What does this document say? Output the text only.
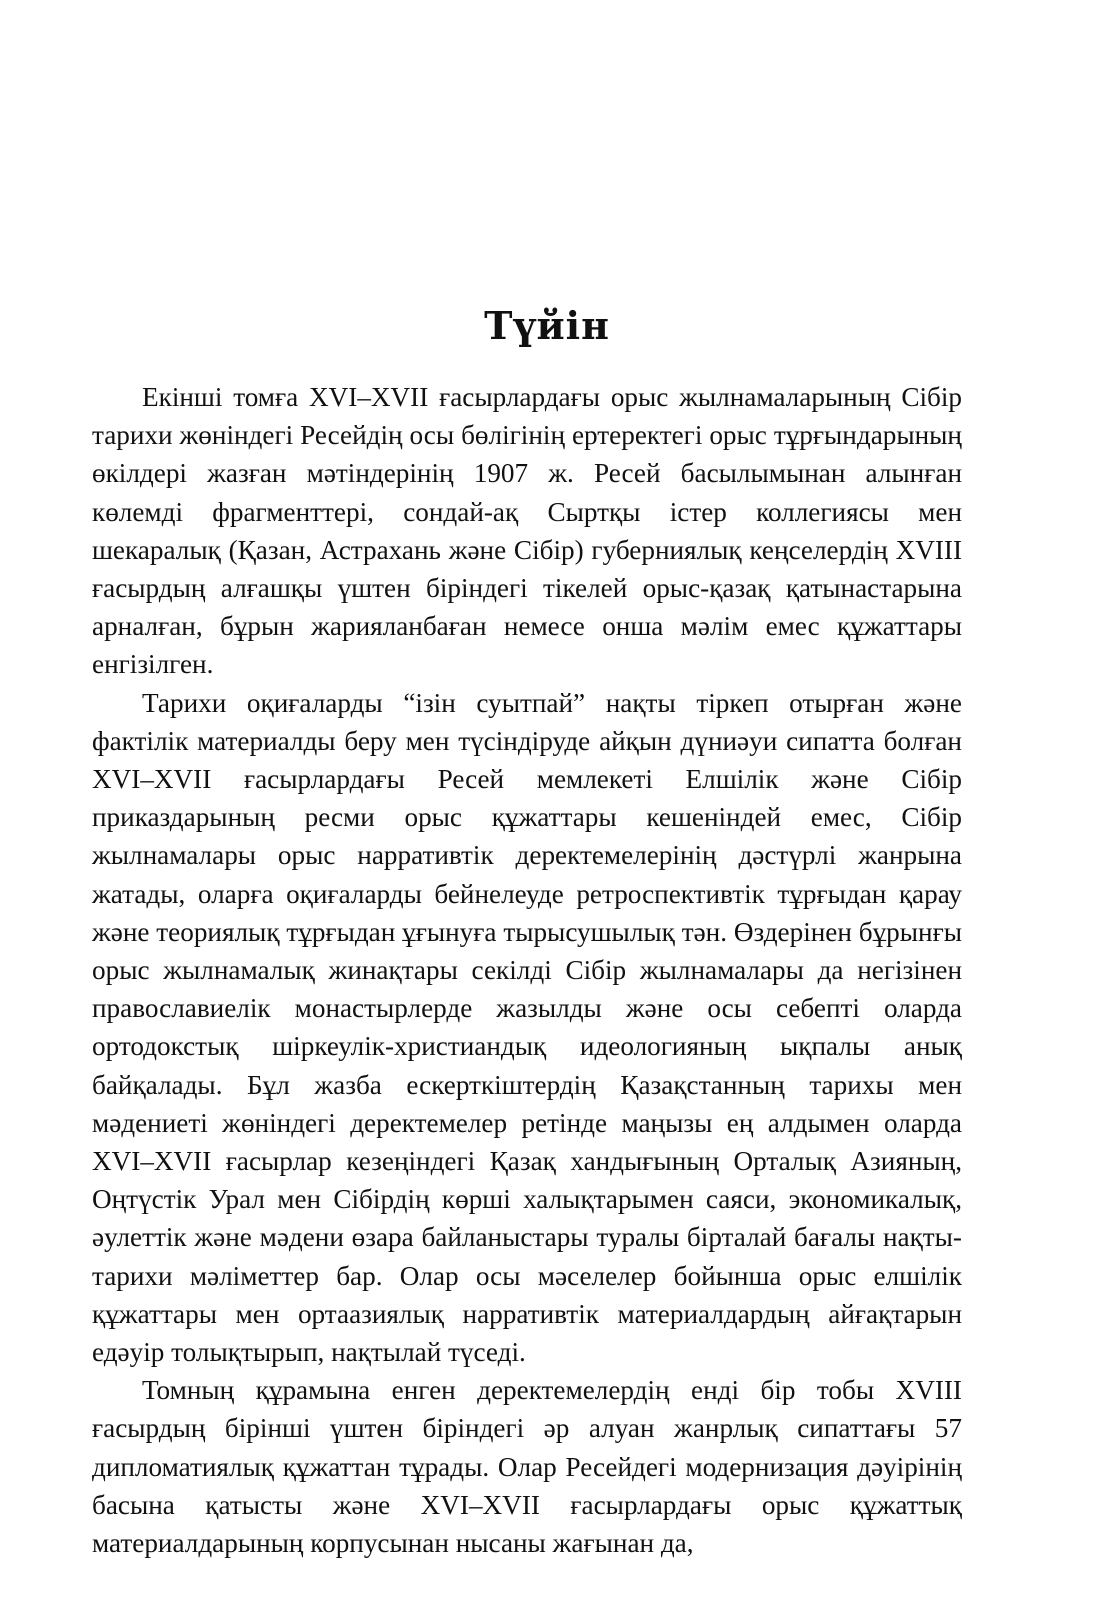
Түйін

Екінші томға XVI–XVII ғасырлардағы орыс жылнамаларының Сібір тарихи жөніндегі Ресейдің осы бөлігінің ертеректегі орыс тұрғындарының өкілдері жазған мәтіндерінің 1907 ж. Ресей басылымынан алынған көлемді фрагменттері, сондай-ақ Сыртқы істер коллегиясы мен шекаралық (Қазан, Астрахань және Сібір) губерниялық кеңселердің XVIII ғасырдың алғашқы үштен біріндегі тікелей орыс-қазақ қатынастарына арналған, бұрын жарияланбаған немесе онша мәлім емес құжаттары енгізілген.

Тарихи оқиғаларды “ізін суытпай” нақты тіркеп отырған және фактілік материалды беру мен түсіндіруде айқын дүниәуи сипатта болған XVI–XVII ғасырлардағы Ресей мемлекеті Елшілік және Сібір приказдарының ресми орыс құжаттары кешеніндей емес, Сібір жылнамалары орыс нарративтік деректемелерінің дәстүрлі жанрына жатады, оларға оқиғаларды бейнелеуде ретроспективтік тұрғыдан қарау және теориялық тұрғыдан ұғынуға тырысушылық тән. Өздерінен бұрынғы орыс жылнамалық жинақтары секілді Сібір жылнамалары да негізінен православиелік монастырлерде жазылды және осы себепті оларда ортодокстық шіркеулік-христиандық идеологияның ықпалы анық байқалады. Бұл жазба ескерткіштердің Қазақстанның тарихы мен мәдениеті жөніндегі деректемелер ретінде маңызы ең алдымен оларда XVI–XVII ғасырлар кезеңіндегі Қазақ хандығының Орталық Азияның, Оңтүстік Урал мен Сібірдің көрші халықтарымен саяси, экономикалық, әулеттік және мәдени өзара байланыстары туралы бірталай бағалы нақты-тарихи мәліметтер бар. Олар осы мәселелер бойынша орыс елшілік құжаттары мен ортаазиялық нарративтік материалдардың айғақтарын едәуір толықтырып, нақтылай түседі.

Томның құрамына енген деректемелердің енді бір тобы XVIII ғасырдың бірінші үштен біріндегі әр алуан жанрлық сипаттағы 57 дипломатиялық құжаттан тұрады. Олар Ресейдегі модернизация дәуірінің басына қатысты және XVI–XVII ғасырлардағы орыс құжаттық материалдарының корпусынан нысаны жағынан да,
